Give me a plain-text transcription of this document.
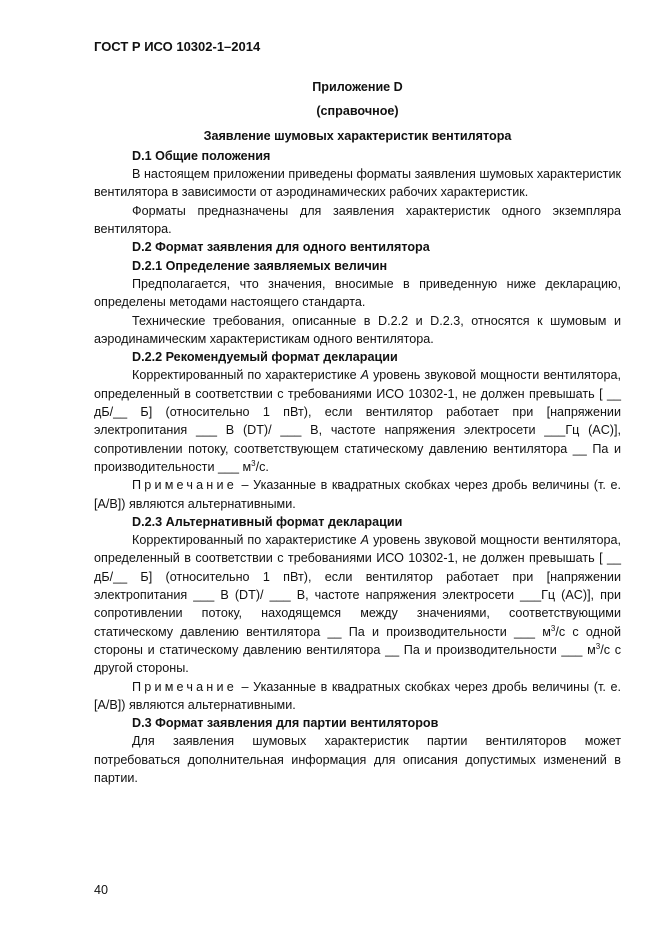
ГОСТ Р ИСО 10302-1–2014
Приложение D
(справочное)
Заявление шумовых характеристик вентилятора
D.1 Общие положения

В настоящем приложении приведены форматы заявления шумовых характеристик вентилятора в зависимости от аэродинамических рабочих характеристик.

Форматы предназначены для заявления характеристик одного экземпляра вентилятора.

D.2 Формат заявления для одного вентилятора
D.2.1 Определение заявляемых величин

Предполагается, что значения, вносимые в приведенную ниже декларацию, определены методами настоящего стандарта.

Технические требования, описанные в D.2.2 и D.2.3, относятся к шумовым и аэродинамическим характеристикам одного вентилятора.

D.2.2 Рекомендуемый формат декларации

Корректированный по характеристике A уровень звуковой мощности вентилятора, определенный в соответствии с требованиями ИСО 10302-1, не должен превышать [ __ дБ/__ Б] (относительно 1 пВт), если вентилятор работает при [напряжении электропитания ___ В (DT)/ ___ В, частоте напряжения электросети ___Гц (AC)], сопротивлении потоку, соответствующем статическому давлению вентилятора __ Па и производительности ___ $м^3/с$.

Примечание – Указанные в квадратных скобках через дробь величины (т. е. [A/B]) являются альтернативными.

D.2.3 Альтернативный формат декларации

Корректированный по характеристике A уровень звуковой мощности вентилятора, определенный в соответствии с требованиями ИСО 10302-1, не должен превышать [ __ дБ/__ Б] (относительно 1 пВт), если вентилятор работает при [напряжении электропитания ___ В (DT)/ ___ В, частоте напряжения электросети ___Гц (AC)], при сопротивлении потоку, находящемся между значениями, соответствующими статическому давлению вентилятора __ Па и производительности ___ $м^3/с$ с одной стороны и статическому давлению вентилятора __ Па и производительности ___ $м^3/с$ с другой стороны.

Примечание – Указанные в квадратных скобках через дробь величины (т. е. [A/B]) являются альтернативными.

D.3 Формат заявления для партии вентиляторов

Для заявления шумовых характеристик партии вентиляторов может потребоваться дополнительная информация для описания допустимых изменений в партии.

40
